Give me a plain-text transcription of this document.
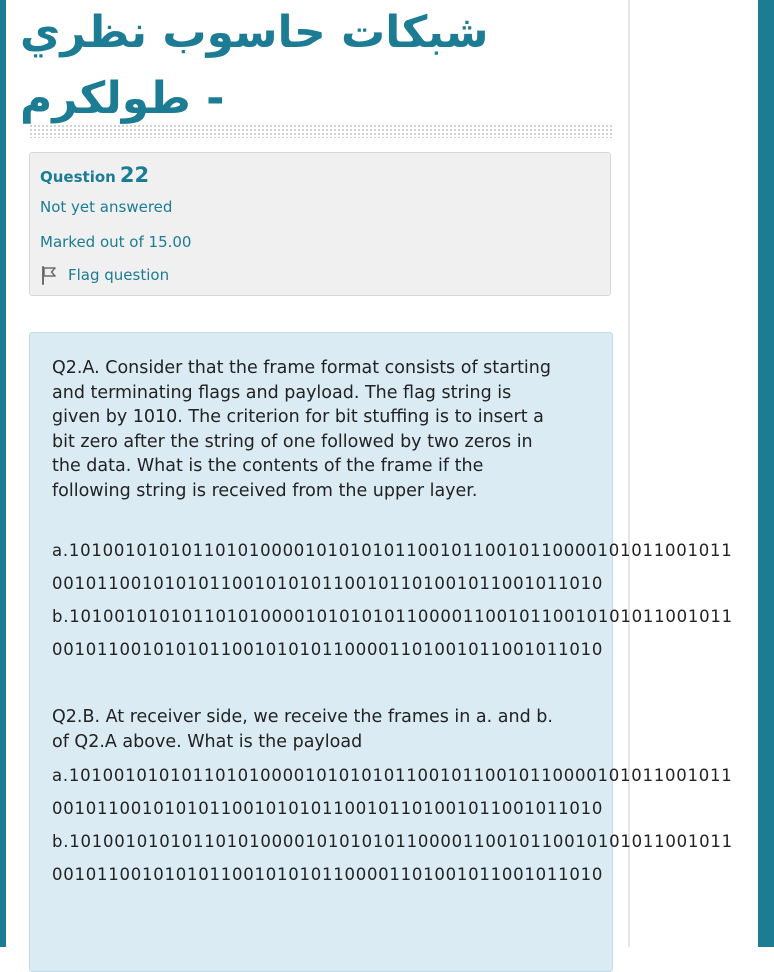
شبكات حاسوب نظري - طولكرم
Question 22
Not yet answered
Marked out of 15.00
Flag question

Q2.A. Consider that the frame format consists of starting and terminating flags and payload. The flag string is given by 1010. The criterion for bit stuffing is to insert a bit zero after the string of one followed by two zeros in the data. What is the contents of the frame if the following string is received from the upper layer.

a.1010010101011010100001010101011001011001011000010101100101​1
001011001010101100101010110010110100101100101​1010
b.1010010101011010100001010101011000011001011001010101100101​1
001011001010101100101010110000110100101100101​1010

Q2.B. At receiver side, we receive the frames in a. and b. of Q2.A above. What is the payload

a.1010010101011010100001010101011001011001011000010101100101​1
001011001010101100101010110010110100101100101​1010
b.1010010101011010100001010101011000011001011001010101100101​1
001011001010101100101010110000110100101100101​1010
